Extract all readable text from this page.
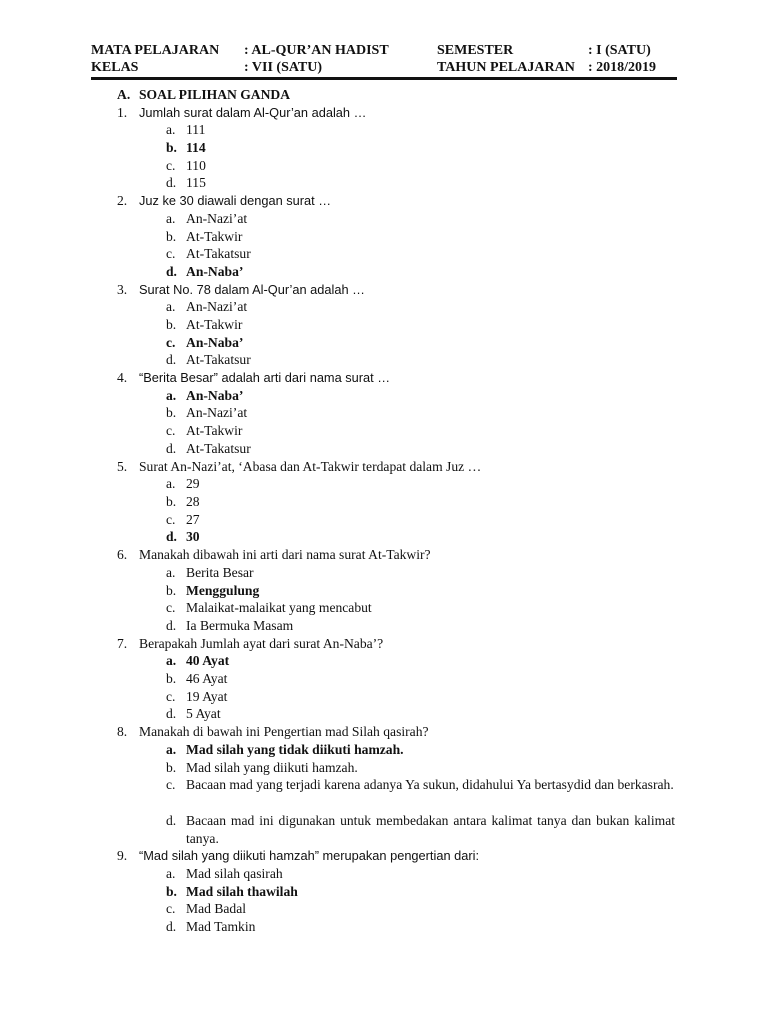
MATA PELAJARAN : AL-QUR’AN HADIST	SEMESTER	: I (SATU)
KELAS	: VII (SATU)	TAHUN PELAJARAN : 2018/2019
A. SOAL PILIHAN GANDA
1. Jumlah surat dalam Al-Qur’an adalah …
a. 111
b. 114
c. 110
d. 115
2. Juz ke 30 diawali dengan surat …
a. An-Nazi’at
b. At-Takwir
c. At-Takatsur
d. An-Naba’
3. Surat No. 78 dalam Al-Qur’an adalah …
a. An-Nazi’at
b. At-Takwir
c. An-Naba’
d. At-Takatsur
4. “Berita Besar” adalah arti dari nama surat …
a. An-Naba’
b. An-Nazi’at
c. At-Takwir
d. At-Takatsur
5. Surat An-Nazi’at, ‘Abasa dan At-Takwir terdapat dalam Juz …
a. 29
b. 28
c. 27
d. 30
6. Manakah dibawah ini arti dari nama surat At-Takwir?
a. Berita Besar
b. Menggulung
c. Malaikat-malaikat yang mencabut
d. Ia Bermuka Masam
7. Berapakah Jumlah ayat dari surat An-Naba’?
a. 40 Ayat
b. 46 Ayat
c. 19 Ayat
d. 5 Ayat
8. Manakah di bawah ini Pengertian mad Silah qasirah?
a. Mad silah yang tidak diikuti hamzah.
b. Mad silah yang diikuti hamzah.
c. Bacaan mad yang terjadi karena adanya Ya sukun, didahului Ya bertasydid dan berkasrah.
d. Bacaan mad ini digunakan untuk membedakan antara kalimat tanya dan bukan kalimat tanya.
9. “Mad silah yang diikuti hamzah” merupakan pengertian dari:
a. Mad silah qasirah
b. Mad silah thawilah
c. Mad Badal
d. Mad Tamkin
